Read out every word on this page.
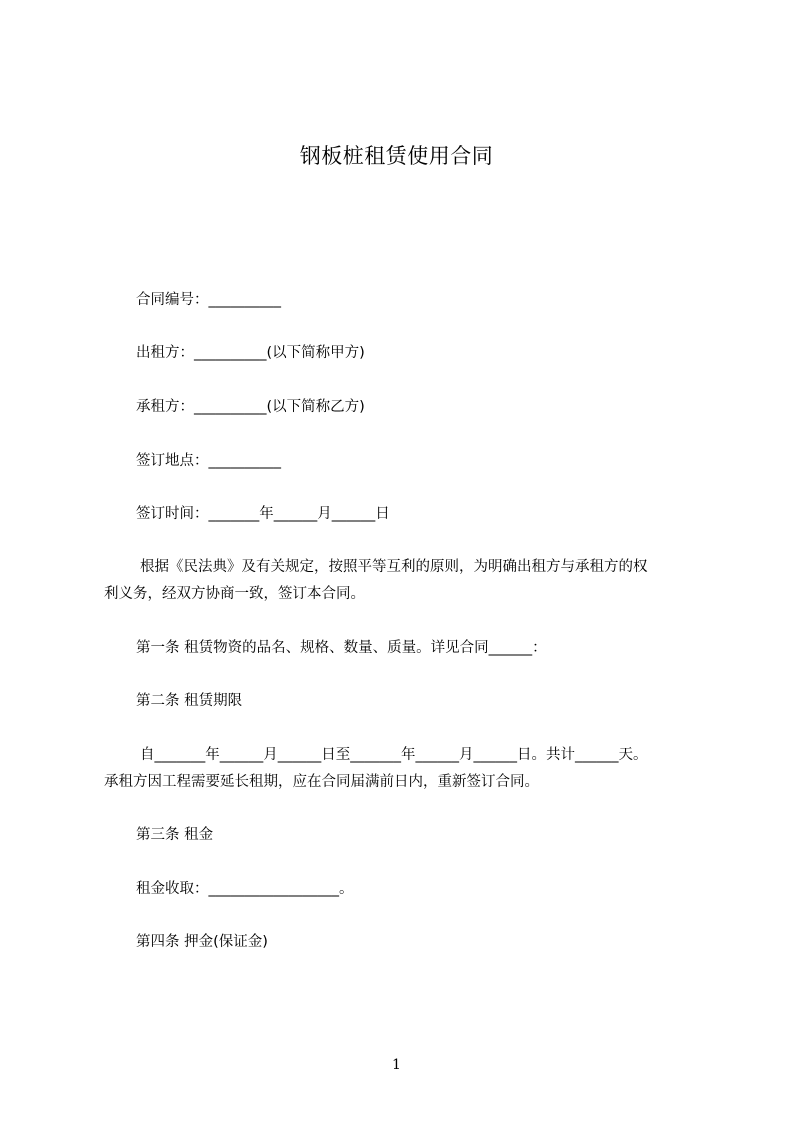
钢板桩租赁使用合同
合同编号：__________
出租方：__________(以下简称甲方)
承租方：__________(以下简称乙方)
签订地点：__________
签订时间：_______年______月______日
根据《民法典》及有关规定，按照平等互利的原则，为明确出租方与承租方的权
利义务，经双方协商一致，签订本合同。
第一条 租赁物资的品名、规格、数量、质量。详见合同______：
第二条 租赁期限
自_______年______月______日至_______年______月______日。共计______天。
承租方因工程需要延长租期，应在合同届满前日内，重新签订合同。
第三条 租金
租金收取：__________________。
第四条 押金(保证金)
1
